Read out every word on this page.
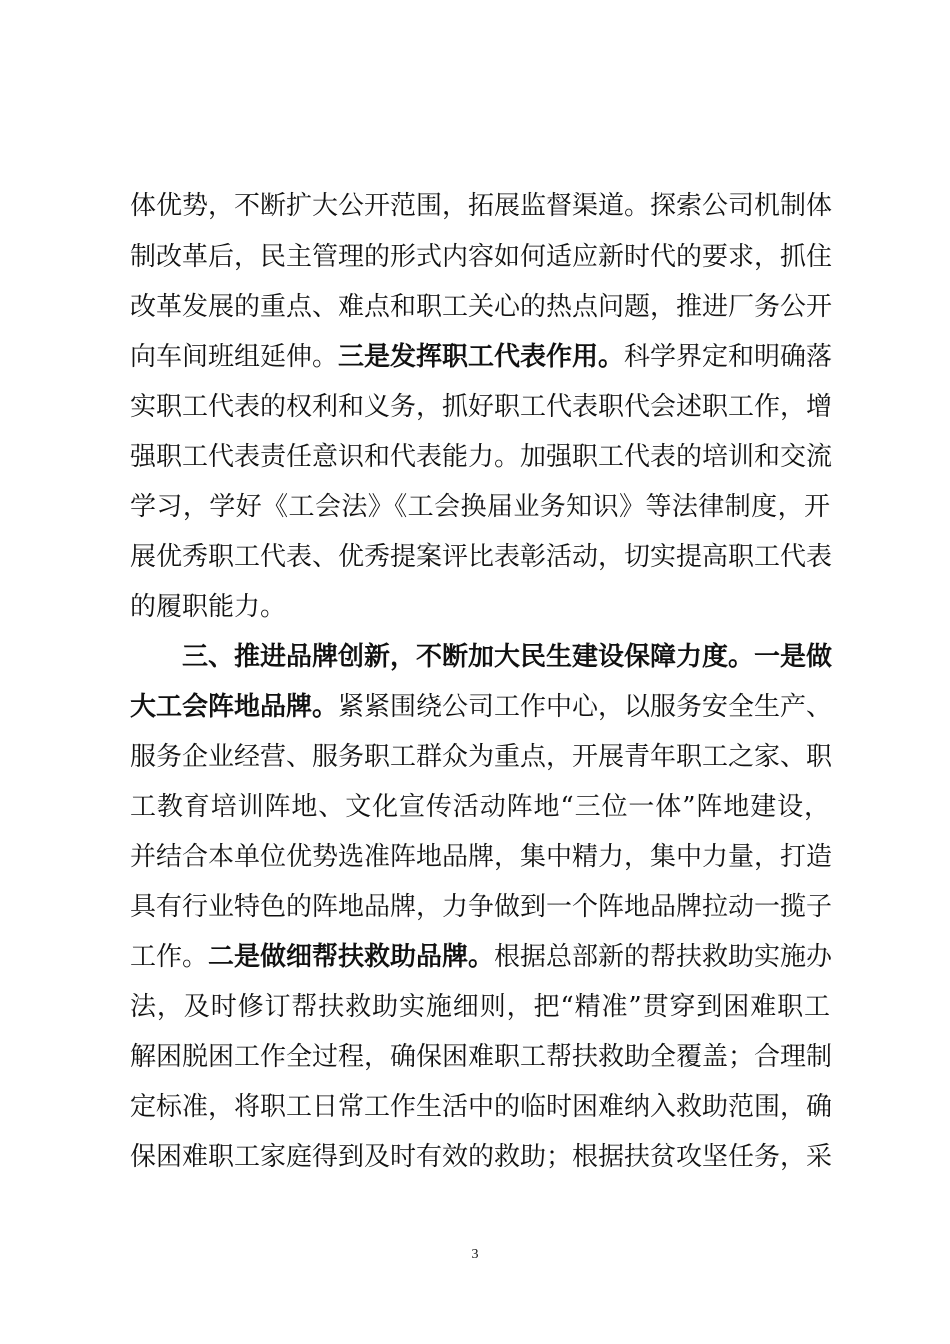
体优势，不断扩大公开范围，拓展监督渠道。探索公司机制体
制改革后，民主管理的形式内容如何适应新时代的要求，抓住
改革发展的重点、难点和职工关心的热点问题，推进厂务公开
向车间班组延伸。三是发挥职工代表作用。科学界定和明确落
实职工代表的权利和义务，抓好职工代表职代会述职工作，增
强职工代表责任意识和代表能力。加强职工代表的培训和交流
学习，学好《工会法》《工会换届业务知识》等法律制度，开
展优秀职工代表、优秀提案评比表彰活动，切实提高职工代表
的履职能力。
三、推进品牌创新，不断加大民生建设保障力度。一是做
大工会阵地品牌。紧紧围绕公司工作中心，以服务安全生产、
服务企业经营、服务职工群众为重点，开展青年职工之家、职
工教育培训阵地、文化宣传活动阵地“三位一体”阵地建设，
并结合本单位优势选准阵地品牌，集中精力，集中力量，打造
具有行业特色的阵地品牌，力争做到一个阵地品牌拉动一揽子
工作。二是做细帮扶救助品牌。根据总部新的帮扶救助实施办
法，及时修订帮扶救助实施细则，把“精准”贯穿到困难职工
解困脱困工作全过程，确保困难职工帮扶救助全覆盖；合理制
定标准，将职工日常工作生活中的临时困难纳入救助范围，确
保困难职工家庭得到及时有效的救助；根据扶贫攻坚任务，采
3
